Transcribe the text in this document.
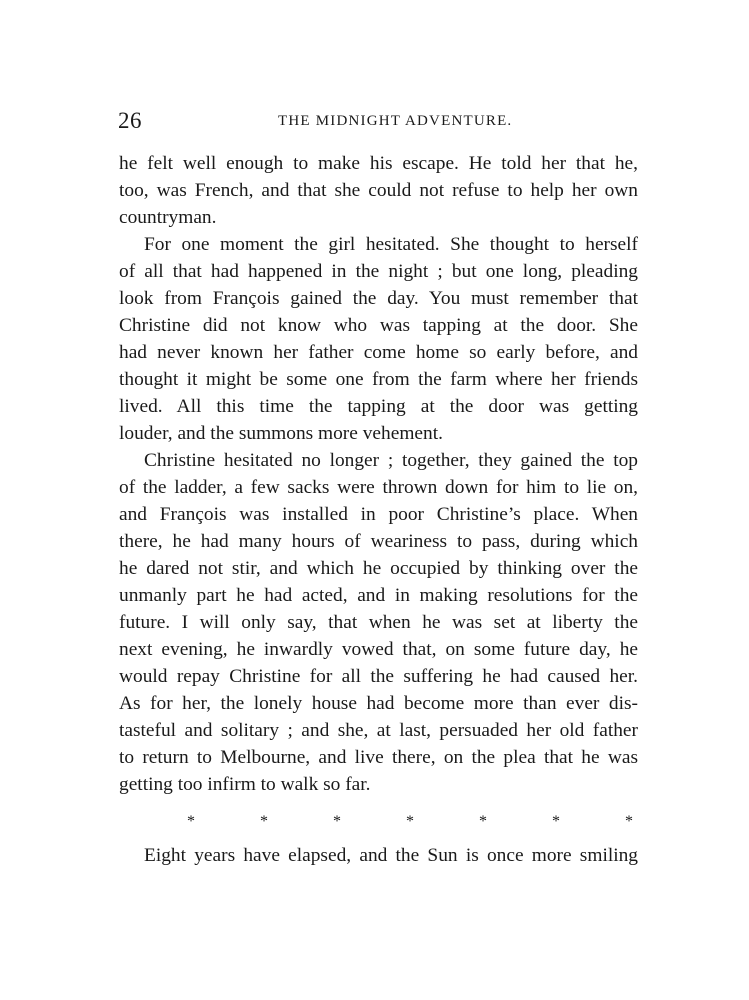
26	THE MIDNIGHT ADVENTURE.
he felt well enough to make his escape. He told her that he,
too, was French, and that she could not refuse to help her own
countryman.
For one moment the girl hesitated. She thought to herself
of all that had happened in the night ; but one long, pleading
look from François gained the day. You must remember that
Christine did not know who was tapping at the door. She
had never known her father come home so early before, and
thought it might be some one from the farm where her friends
lived. All this time the tapping at the door was getting
louder, and the summons more vehement.
Christine hesitated no longer ; together, they gained the top
of the ladder, a few sacks were thrown down for him to lie on,
and François was installed in poor Christine’s place. When
there, he had many hours of weariness to pass, during which
he dared not stir, and which he occupied by thinking over the
unmanly part he had acted, and in making resolutions for the
future. I will only say, that when he was set at liberty the
next evening, he inwardly vowed that, on some future day, he
would repay Christine for all the suffering he had caused her.
As for her, the lonely house had become more than ever dis-
tasteful and solitary ; and she, at last, persuaded her old father
to return to Melbourne, and live there, on the plea that he was
getting too infirm to walk so far.
*	*	*	*	*	*	*
Eight years have elapsed, and the Sun is once more smiling
